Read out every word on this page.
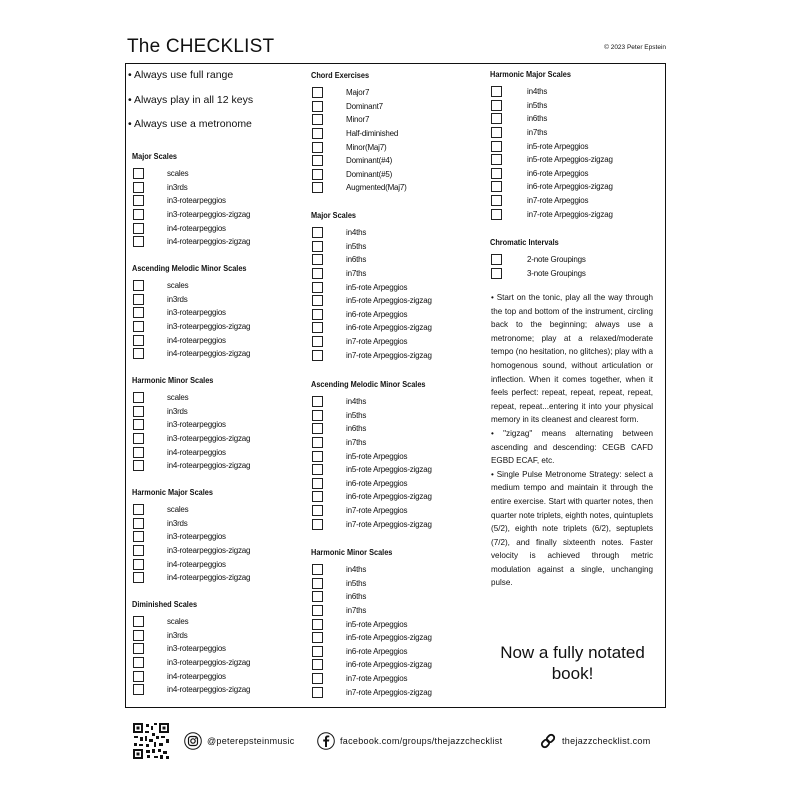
The CHECKLIST	© 2023 Peter Epstein
• Always use full range
• Always play in all 12 keys
• Always use a metronome
Major Scales
scales
in3rds
in3-rotearpeggios
in3-rotearpeggios-zigzag
in4-rotearpeggios
in4-rotearpeggios-zigzag
Ascending Melodic Minor Scales
scales
in3rds
in3-rotearpeggios
in3-rotearpeggios-zigzag
in4-rotearpeggios
in4-rotearpeggios-zigzag
Harmonic Minor Scales
scales
in3rds
in3-rotearpeggios
in3-rotearpeggios-zigzag
in4-rotearpeggios
in4-rotearpeggios-zigzag
Harmonic Major Scales
scales
in3rds
in3-rotearpeggios
in3-rotearpeggios-zigzag
in4-rotearpeggios
in4-rotearpeggios-zigzag
Diminished Scales
scales
in3rds
in3-rotearpeggios
in3-rotearpeggios-zigzag
in4-rotearpeggios
in4-rotearpeggios-zigzag
Chord Exercises
Major7
Dominant7
Minor7
Half-diminished
Minor(Maj7)
Dominant(#4)
Dominant(#5)
Augmented(Maj7)
Major Scales
in4ths
in5ths
in6ths
in7ths
in5-rote Arpeggios
in5-rote Arpeggios-zigzag
in6-rote Arpeggios
in6-rote Arpeggios-zigzag
in7-rote Arpeggios
in7-rote Arpeggios-zigzag
Ascending Melodic Minor Scales
in4ths
in5ths
in6ths
in7ths
in5-rote Arpeggios
in5-rote Arpeggios-zigzag
in6-rote Arpeggios
in6-rote Arpeggios-zigzag
in7-rote Arpeggios
in7-rote Arpeggios-zigzag
Harmonic Minor Scales
in4ths
in5ths
in6ths
in7ths
in5-rote Arpeggios
in5-rote Arpeggios-zigzag
in6-rote Arpeggios
in6-rote Arpeggios-zigzag
in7-rote Arpeggios
in7-rote Arpeggios-zigzag
Harmonic Major Scales
in4ths
in5ths
in6ths
in7ths
in5-rote Arpeggios
in5-rote Arpeggios-zigzag
in6-rote Arpeggios
in6-rote Arpeggios-zigzag
in7-rote Arpeggios
in7-rote Arpeggios-zigzag
Chromatic Intervals
2-note Groupings
3-note Groupings

• Start on the tonic, play all the way through the top and bottom of the instrument, circling back to the beginning; always use a metronome; play at a relaxed/moderate tempo (no hesitation, no glitches); play with a homogenous sound, without articulation or inflection. When it comes together, when it feels perfect: repeat, repeat, repeat, repeat, repeat, repeat...entering it into your physical memory in its cleanest and clearest form.

• "zigzag" means alternating between ascending and descending: CEGB CAFD EGBD ECAF, etc.

• Single Pulse Metronome Strategy: select a medium tempo and maintain it through the entire exercise. Start with quarter notes, then quarter note triplets, eighth notes, quintuplets (5/2), eighth note triplets (6/2), septuplets (7/2), and finally sixteenth notes. Faster velocity is achieved through metric modulation against a single, unchanging pulse.

Now a fully notated book!
@peterepsteinmusic	facebook.com/groups/thejazzchecklist	thejazzchecklist.com
